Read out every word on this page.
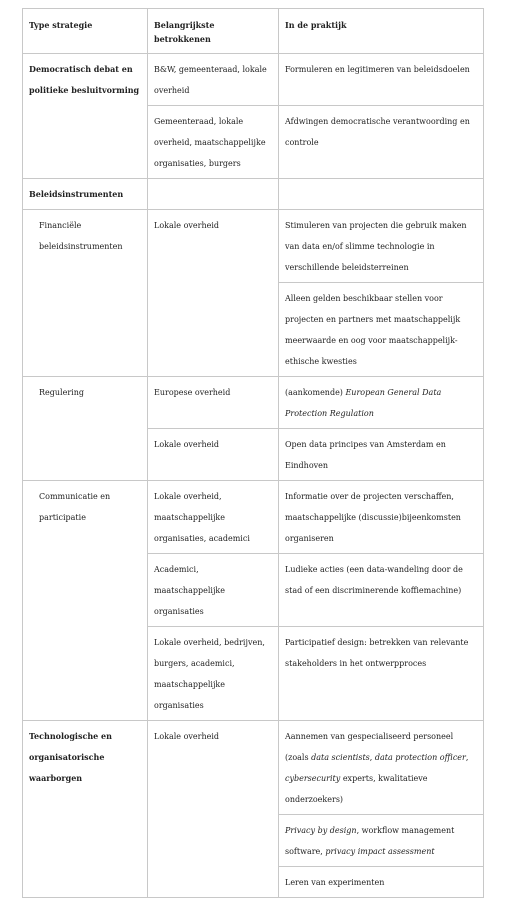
Type strategie	Belangrijkste betrokkenen	In de praktijk
Democratisch debat en politieke besluitvorming	B&W, gemeenteraad, lokale overheid	Formuleren en legitimeren van beleidsdoelen
	Gemeenteraad, lokale overheid, maatschappelijke organisaties, burgers	Afdwingen democratische verantwoording en controle
Beleidsinstrumenten		
Financiële beleidsinstrumenten	Lokale overheid	Stimuleren van projecten die gebruik maken van data en/of slimme technologie in verschillende beleidsterreinen
		Alleen gelden beschikbaar stellen voor projecten en partners met maatschappelijk meerwaarde en oog voor maatschappelijk-ethische kwesties
Regulering	Europese overheid	(aankomende) European General Data Protection Regulation
	Lokale overheid	Open data principes van Amsterdam en Eindhoven
Communicatie en participatie	Lokale overheid, maatschappelijke organisaties, academici	Informatie over de projecten verschaffen, maatschappelijke (discussie)bijeenkomsten organiseren
	Academici, maatschappelijke organisaties	Ludieke acties (een data-wandeling door de stad of een discriminerende koffiemachine)
	Lokale overheid, bedrijven, burgers, academici, maatschappelijke organisaties	Participatief design: betrekken van relevante stakeholders in het ontwerpproces
Technologische en organisatorische waarborgen	Lokale overheid	Aannemen van gespecialiseerd personeel (zoals data scientists, data protection officer, cybersecurity experts, kwalitatieve onderzoekers)
		Privacy by design, workflow management software, privacy impact assessment
		Leren van experimenten
